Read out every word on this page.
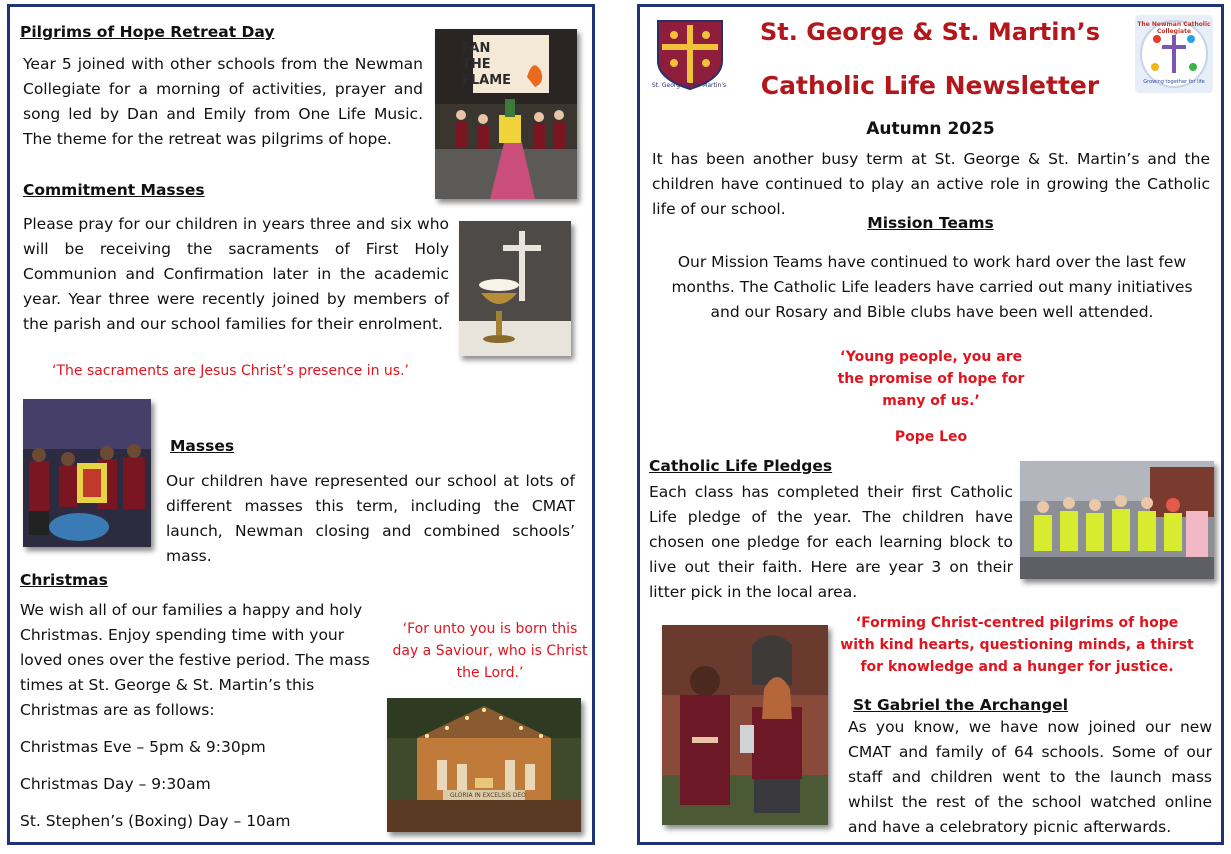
Pilgrims of Hope Retreat Day
Year 5 joined with other schools from the Newman Collegiate for a morning of activities, prayer and song led by Dan and Emily from One Life Music. The theme for the retreat was pilgrims of hope.
FAN THE FLAME
Commitment Masses
Please pray for our children in years three and six who will be receiving the sacraments of First Holy Communion and Confirmation later in the academic year. Year three were recently joined by members of the parish and our school families for their enrolment.
‘The sacraments are Jesus Christ’s presence in us.’
Masses
Our children have represented our school at lots of different masses this term, including the CMAT launch, Newman closing and combined schools’ mass.
Christmas
We wish all of our families a happy and holy Christmas. Enjoy spending time with your loved ones over the festive period. The mass times at St. George & St. Martin’s this Christmas are as follows:
‘For unto you is born this day a Saviour, who is Christ the Lord.’
Christmas Eve – 5pm & 9:30pm
Christmas Day – 9:30am
St. Stephen’s (Boxing) Day – 10am
GLORIA IN EXCELSIS DEO
St. George & St. Martin's
St. George & St. Martin’s
Catholic Life Newsletter
The Newman Catholic Collegiate
Growing together for life
Autumn 2025
It has been another busy term at St. George & St. Martin’s and the children have continued to play an active role in growing the Catholic life of our school.
Mission Teams
Our Mission Teams have continued to work hard over the last few months. The Catholic Life leaders have carried out many initiatives and our Rosary and Bible clubs have been well attended.
‘Young people, you are the promise of hope for many of us.’
Pope Leo
Catholic Life Pledges
Each class has completed their first Catholic Life pledge of the year. The children have chosen one pledge for each learning block to live out their faith. Here are year 3 on their litter pick in the local area.
‘Forming Christ-centred pilgrims of hope with kind hearts, questioning minds, a thirst for knowledge and a hunger for justice.
St Gabriel the Archangel
As you know, we have now joined our new CMAT and family of 64 schools. Some of our staff and children went to the launch mass whilst the rest of the school watched online and have a celebratory picnic afterwards.
